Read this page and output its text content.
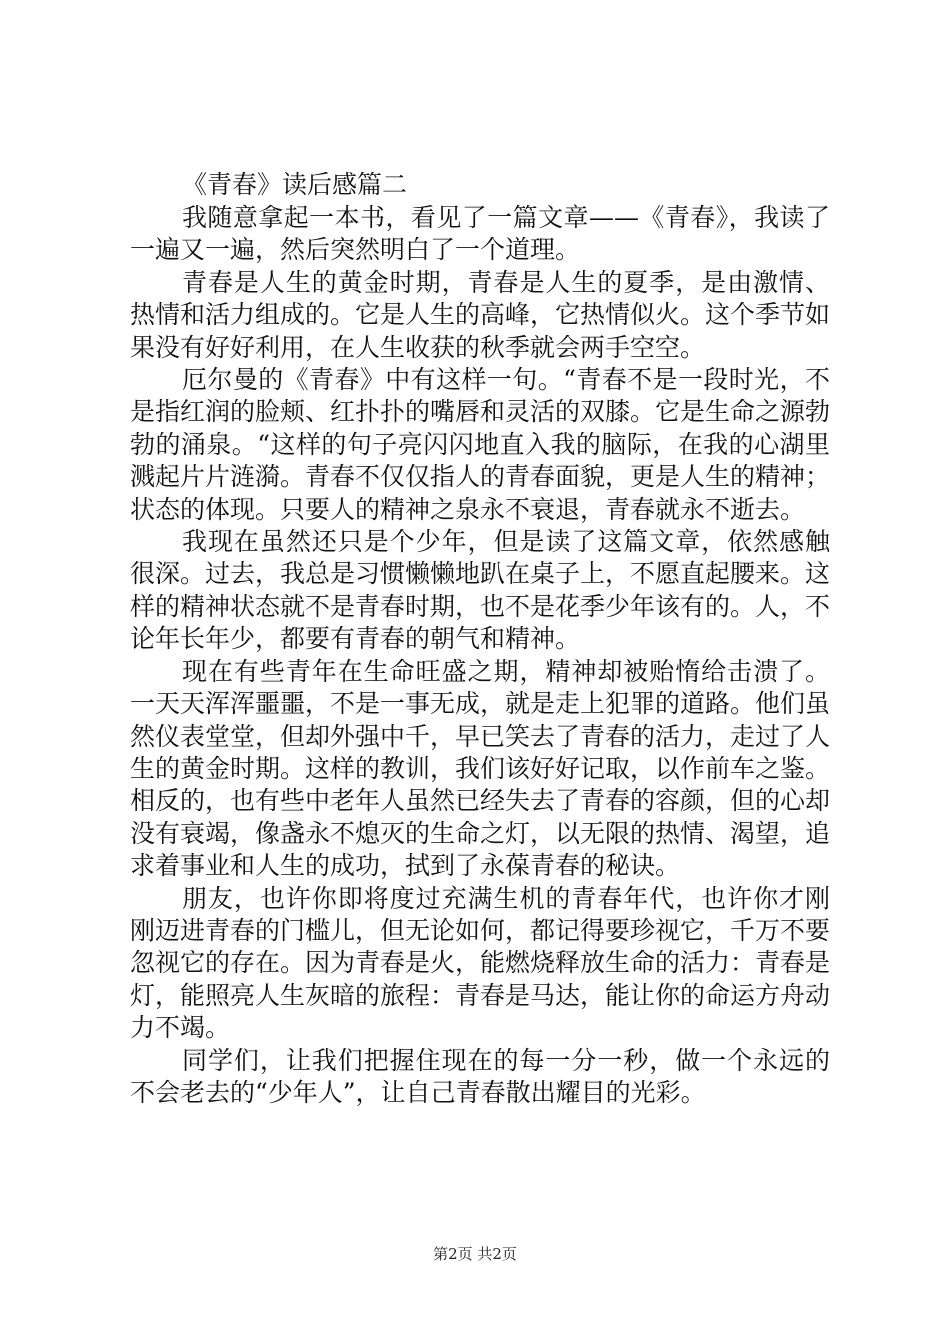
《青春》读后感篇二

我随意拿起一本书，看见了一篇文章——《青春》，我读了一遍又一遍，然后突然明白了一个道理。

青春是人生的黄金时期，青春是人生的夏季，是由激情、热情和活力组成的。它是人生的高峰，它热情似火。这个季节如果没有好好利用，在人生收获的秋季就会两手空空。

厄尔曼的《青春》中有这样一句。“青春不是一段时光，不是指红润的脸颊、红扑扑的嘴唇和灵活的双膝。它是生命之源勃勃的涌泉。“这样的句子亮闪闪地直入我的脑际，在我的心湖里溅起片片涟漪。青春不仅仅指人的青春面貌，更是人生的精神；状态的体现。只要人的精神之泉永不衰退，青春就永不逝去。

我现在虽然还只是个少年，但是读了这篇文章，依然感触很深。过去，我总是习惯懒懒地趴在桌子上，不愿直起腰来。这样的精神状态就不是青春时期，也不是花季少年该有的。人，不论年长年少，都要有青春的朝气和精神。

现在有些青年在生命旺盛之期，精神却被贻惰给击溃了。一天天浑浑噩噩，不是一事无成，就是走上犯罪的道路。他们虽然仪表堂堂，但却外强中千，早已笑去了青春的活力，走过了人生的黄金时期。这样的教训，我们该好好记取，以作前车之鉴。相反的，也有些中老年人虽然已经失去了青春的容颜，但的心却没有衰竭，像盏永不熄灭的生命之灯，以无限的热情、渴望，追求着事业和人生的成功，拭到了永葆青春的秘诀。

朋友，也许你即将度过充满生机的青春年代，也许你才刚刚迈进青春的门槛儿，但无论如何，都记得要珍视它，千万不要忽视它的存在。因为青春是火，能燃烧释放生命的活力：青春是灯，能照亮人生灰暗的旅程：青春是马达，能让你的命运方舟动力不竭。

同学们，让我们把握住现在的每一分一秒，做一个永远的不会老去的“少年人”，让自己青春散出耀目的光彩。

第2页 共2页
